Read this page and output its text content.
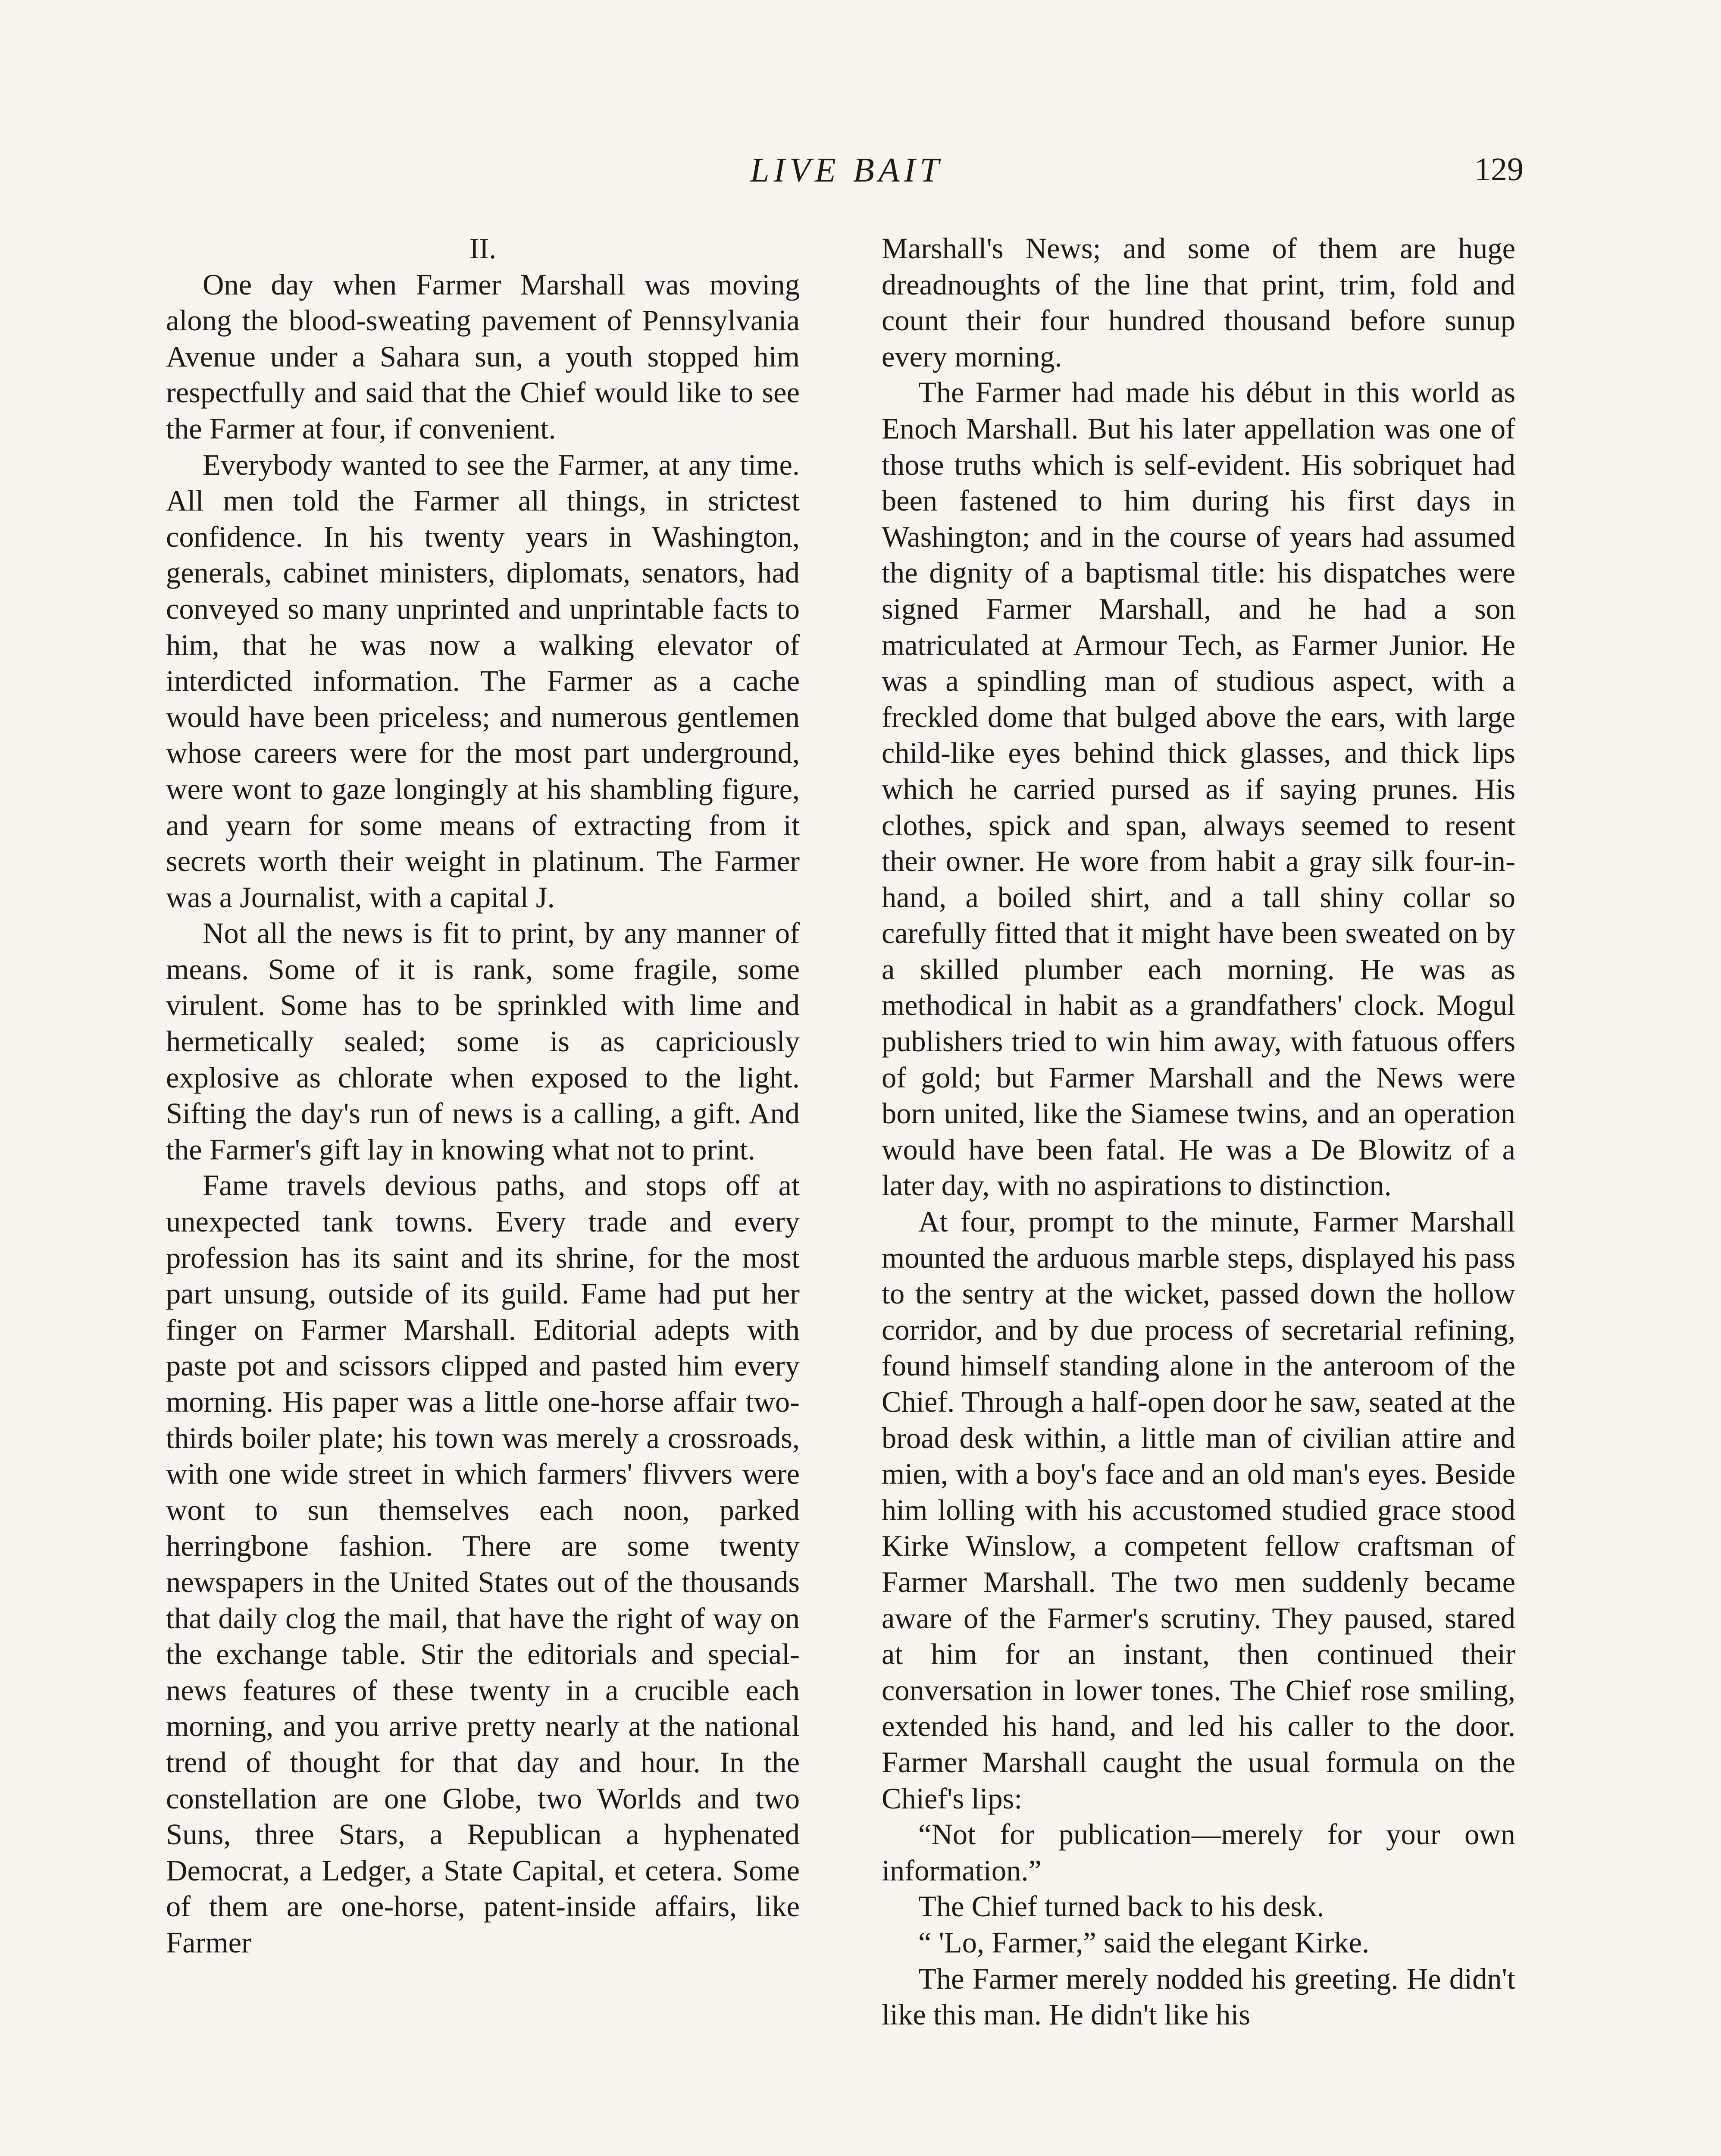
LIVE BAIT	129
II.

One day when Farmer Marshall was moving along the blood-sweating pavement of Pennsylvania Avenue under a Sahara sun, a youth stopped him respectfully and said that the Chief would like to see the Farmer at four, if convenient.

Everybody wanted to see the Farmer, at any time. All men told the Farmer all things, in strictest confidence. In his twenty years in Washington, generals, cabinet ministers, diplomats, senators, had conveyed so many unprinted and unprintable facts to him, that he was now a walking elevator of interdicted information. The Farmer as a cache would have been priceless; and numerous gentlemen whose careers were for the most part underground, were wont to gaze longingly at his shambling figure, and yearn for some means of extracting from it secrets worth their weight in platinum. The Farmer was a Journalist, with a capital J.

Not all the news is fit to print, by any manner of means. Some of it is rank, some fragile, some virulent. Some has to be sprinkled with lime and hermetically sealed; some is as capriciously explosive as chlorate when exposed to the light. Sifting the day's run of news is a calling, a gift. And the Farmer's gift lay in knowing what not to print.

Fame travels devious paths, and stops off at unexpected tank towns. Every trade and every profession has its saint and its shrine, for the most part unsung, outside of its guild. Fame had put her finger on Farmer Marshall. Editorial adepts with paste pot and scissors clipped and pasted him every morning. His paper was a little one-horse affair two-thirds boiler plate; his town was merely a crossroads, with one wide street in which farmers' flivvers were wont to sun themselves each noon, parked herringbone fashion. There are some twenty newspapers in the United States out of the thousands that daily clog the mail, that have the right of way on the exchange table. Stir the editorials and special-news features of these twenty in a crucible each morning, and you arrive pretty nearly at the national trend of thought for that day and hour. In the constellation are one Globe, two Worlds and two Suns, three Stars, a Republican a hyphenated Democrat, a Ledger, a State Capital, et cetera. Some of them are one-horse, patent-inside affairs, like Farmer

Marshall's News; and some of them are huge dreadnoughts of the line that print, trim, fold and count their four hundred thousand before sunup every morning.

The Farmer had made his début in this world as Enoch Marshall. But his later appellation was one of those truths which is self-evident. His sobriquet had been fastened to him during his first days in Washington; and in the course of years had assumed the dignity of a baptismal title: his dispatches were signed Farmer Marshall, and he had a son matriculated at Armour Tech, as Farmer Junior. He was a spindling man of studious aspect, with a freckled dome that bulged above the ears, with large child-like eyes behind thick glasses, and thick lips which he carried pursed as if saying prunes. His clothes, spick and span, always seemed to resent their owner. He wore from habit a gray silk four-in-hand, a boiled shirt, and a tall shiny collar so carefully fitted that it might have been sweated on by a skilled plumber each morning. He was as methodical in habit as a grandfathers' clock. Mogul publishers tried to win him away, with fatuous offers of gold; but Farmer Marshall and the News were born united, like the Siamese twins, and an operation would have been fatal. He was a De Blowitz of a later day, with no aspirations to distinction.

At four, prompt to the minute, Farmer Marshall mounted the arduous marble steps, displayed his pass to the sentry at the wicket, passed down the hollow corridor, and by due process of secretarial refining, found himself standing alone in the anteroom of the Chief. Through a half-open door he saw, seated at the broad desk within, a little man of civilian attire and mien, with a boy's face and an old man's eyes. Beside him lolling with his accustomed studied grace stood Kirke Winslow, a competent fellow craftsman of Farmer Marshall. The two men suddenly became aware of the Farmer's scrutiny. They paused, stared at him for an instant, then continued their conversation in lower tones. The Chief rose smiling, extended his hand, and led his caller to the door. Farmer Marshall caught the usual formula on the Chief's lips:

“Not for publication—merely for your own information.”

The Chief turned back to his desk.

“ 'Lo, Farmer,” said the elegant Kirke.

The Farmer merely nodded his greeting. He didn't like this man. He didn't like his
